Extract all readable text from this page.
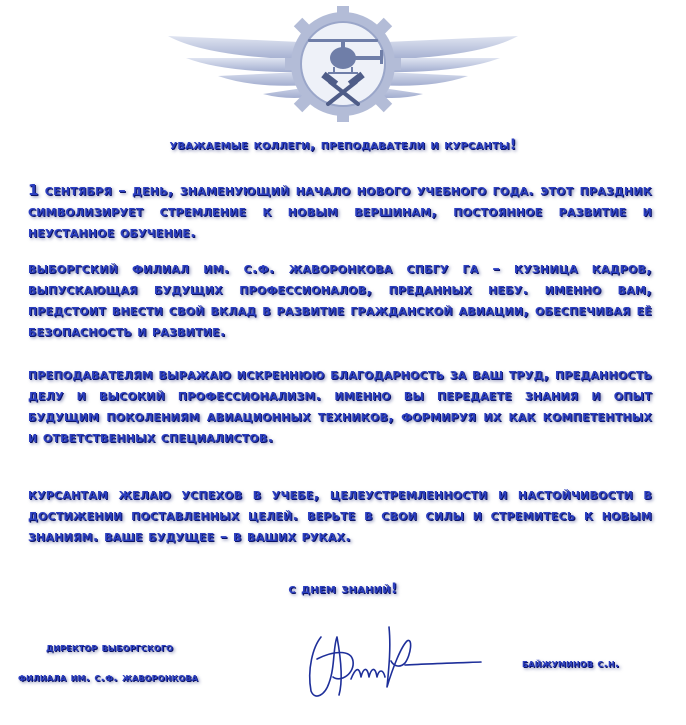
уважаемые коллеги, преподаватели и курсанты!

1 сентября – день, знаменующий начало нового учебного года. этот праздник символизирует стремление к новым вершинам, постоянное развитие и неустанное обучение.

выборгский филиал им. с.ф. жаворонкова спбгу га – кузница кадров, выпускающая будущих профессионалов, преданных небу. именно вам, предстоит внести свой вклад в развитие гражданской авиации, обеспечивая её безопасность и развитие.

преподавателям выражаю искреннюю благодарность за ваш труд, преданность делу и высокий профессионализм. именно вы передаете знания и опыт будущим поколениям авиационных техников, формируя их как компетентных и ответственных специалистов.

курсантам желаю успехов в учебе, целеустремленности и настойчивости в достижении поставленных целей. верьте в свои силы и стремитесь к новым знаниям. ваше будущее – в ваших руках.

с днем знаний!

директор выборгского

филиала им. с.ф. жаворонкова

байжуминов с.н.
